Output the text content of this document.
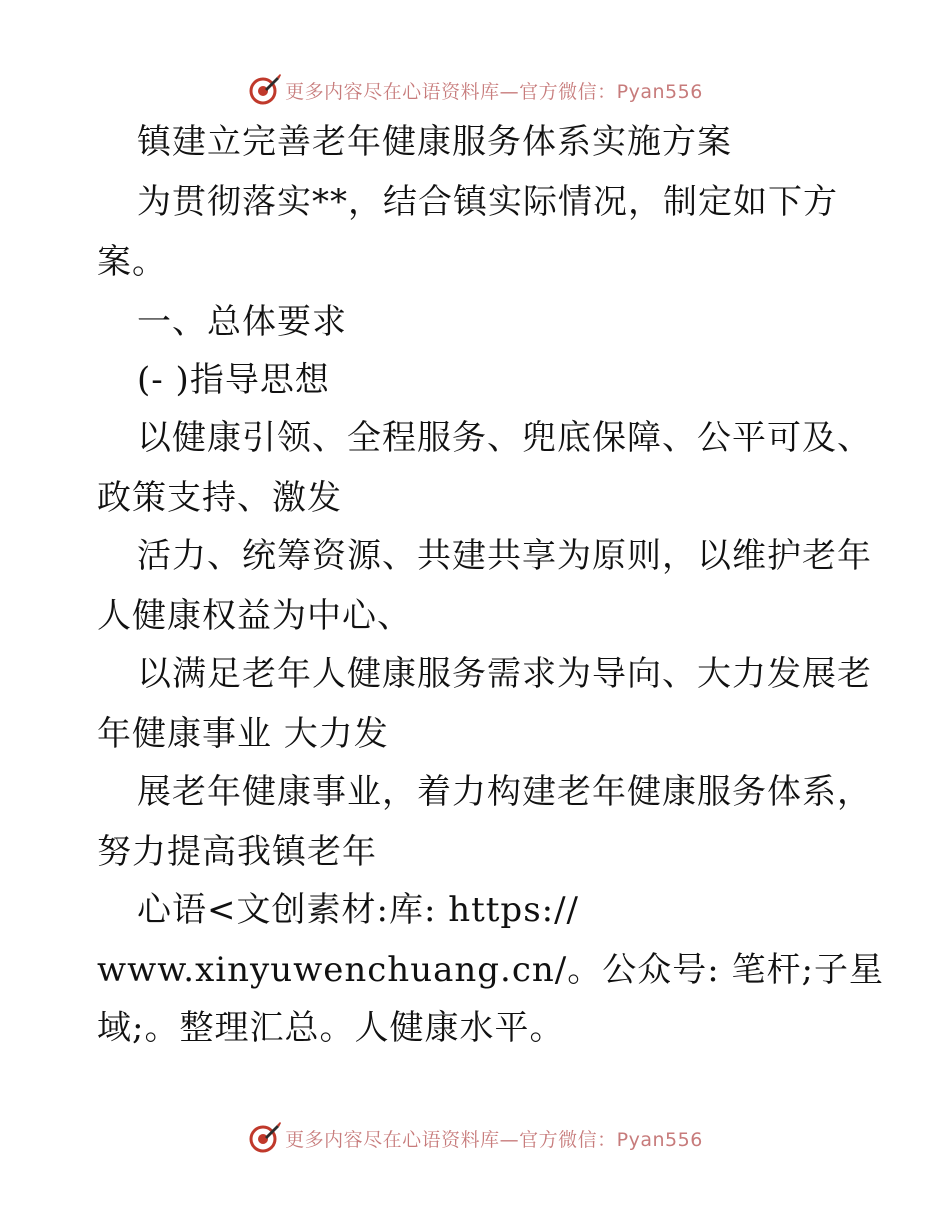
更多内容尽在心语资料库—官方微信：Pyan556
镇建立完善老年健康服务体系实施方案
为贯彻落实**，结合镇实际情况，制定如下方
案。
一、总体要求
(- )指导思想
以健康引领、全程服务、兜底保障、公平可及、
政策支持、激发
活力、统筹资源、共建共享为原则，以维护老年
人健康权益为中心、
以满足老年人健康服务需求为导向、大力发展老
年健康事业 大力发
展老年健康事业，着力构建老年健康服务体系，
努力提高我镇老年
心语<文创素材:库: https://
www.xinyuwenchuang.cn/。公众号: 笔杆;子星
域;。整理汇总。人健康水平。
更多内容尽在心语资料库—官方微信：Pyan556
